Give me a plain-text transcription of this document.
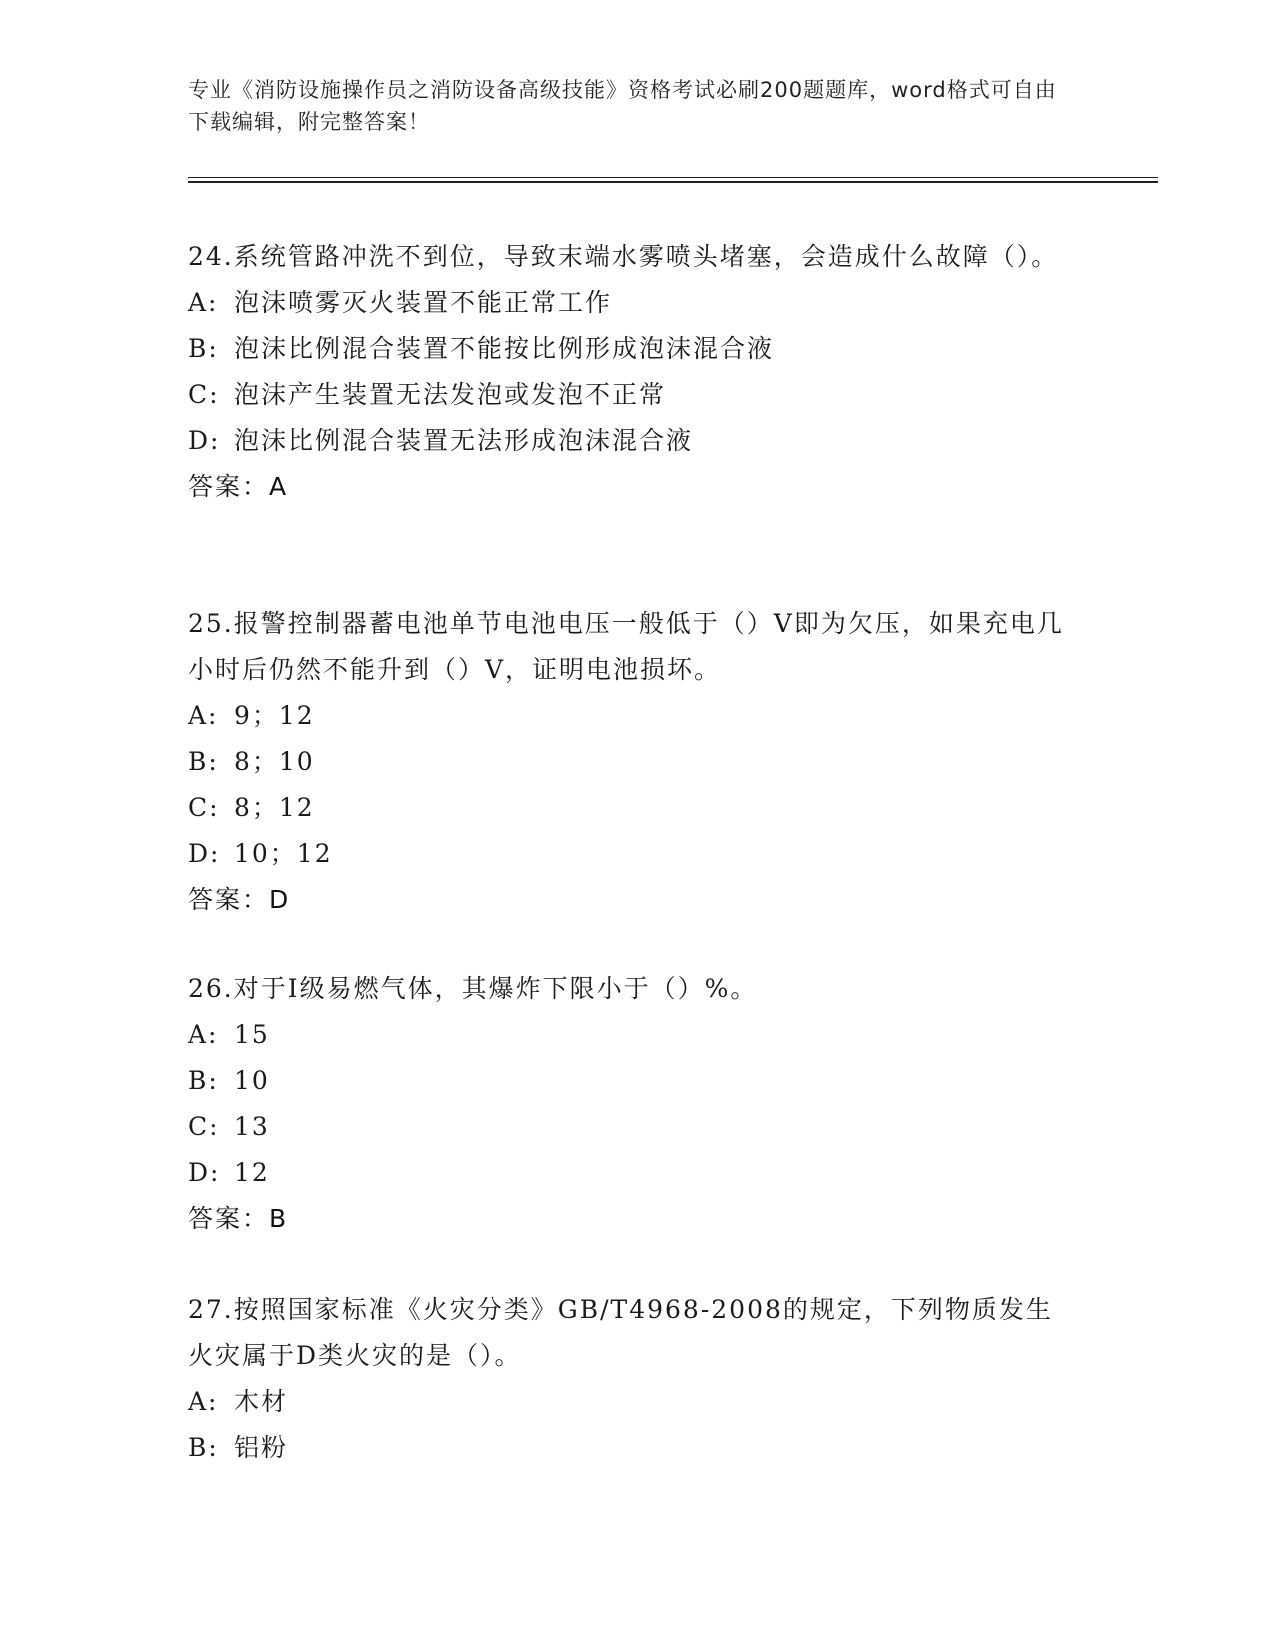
专业《消防设施操作员之消防设备高级技能》资格考试必刷200题题库，word格式可自由下载编辑，附完整答案！

24.系统管路冲洗不到位，导致末端水雾喷头堵塞，会造成什么故障（）。

A: 泡沫喷雾灭火装置不能正常工作

B: 泡沫比例混合装置不能按比例形成泡沫混合液

C: 泡沫产生装置无法发泡或发泡不正常

D: 泡沫比例混合装置无法形成泡沫混合液

答案：A

25.报警控制器蓄电池单节电池电压一般低于（）V即为欠压，如果充电几小时后仍然不能升到（）V，证明电池损坏。

A: 9；12

B: 8；10

C: 8；12

D: 10；12

答案：D

26.对于Ⅰ级易燃气体，其爆炸下限小于（）%。

A: 15

B: 10

C: 13

D: 12

答案：B

27.按照国家标准《火灾分类》GB/T4968-2008的规定，下列物质发生火灾属于D类火灾的是（）。

A: 木材

B: 铝粉
